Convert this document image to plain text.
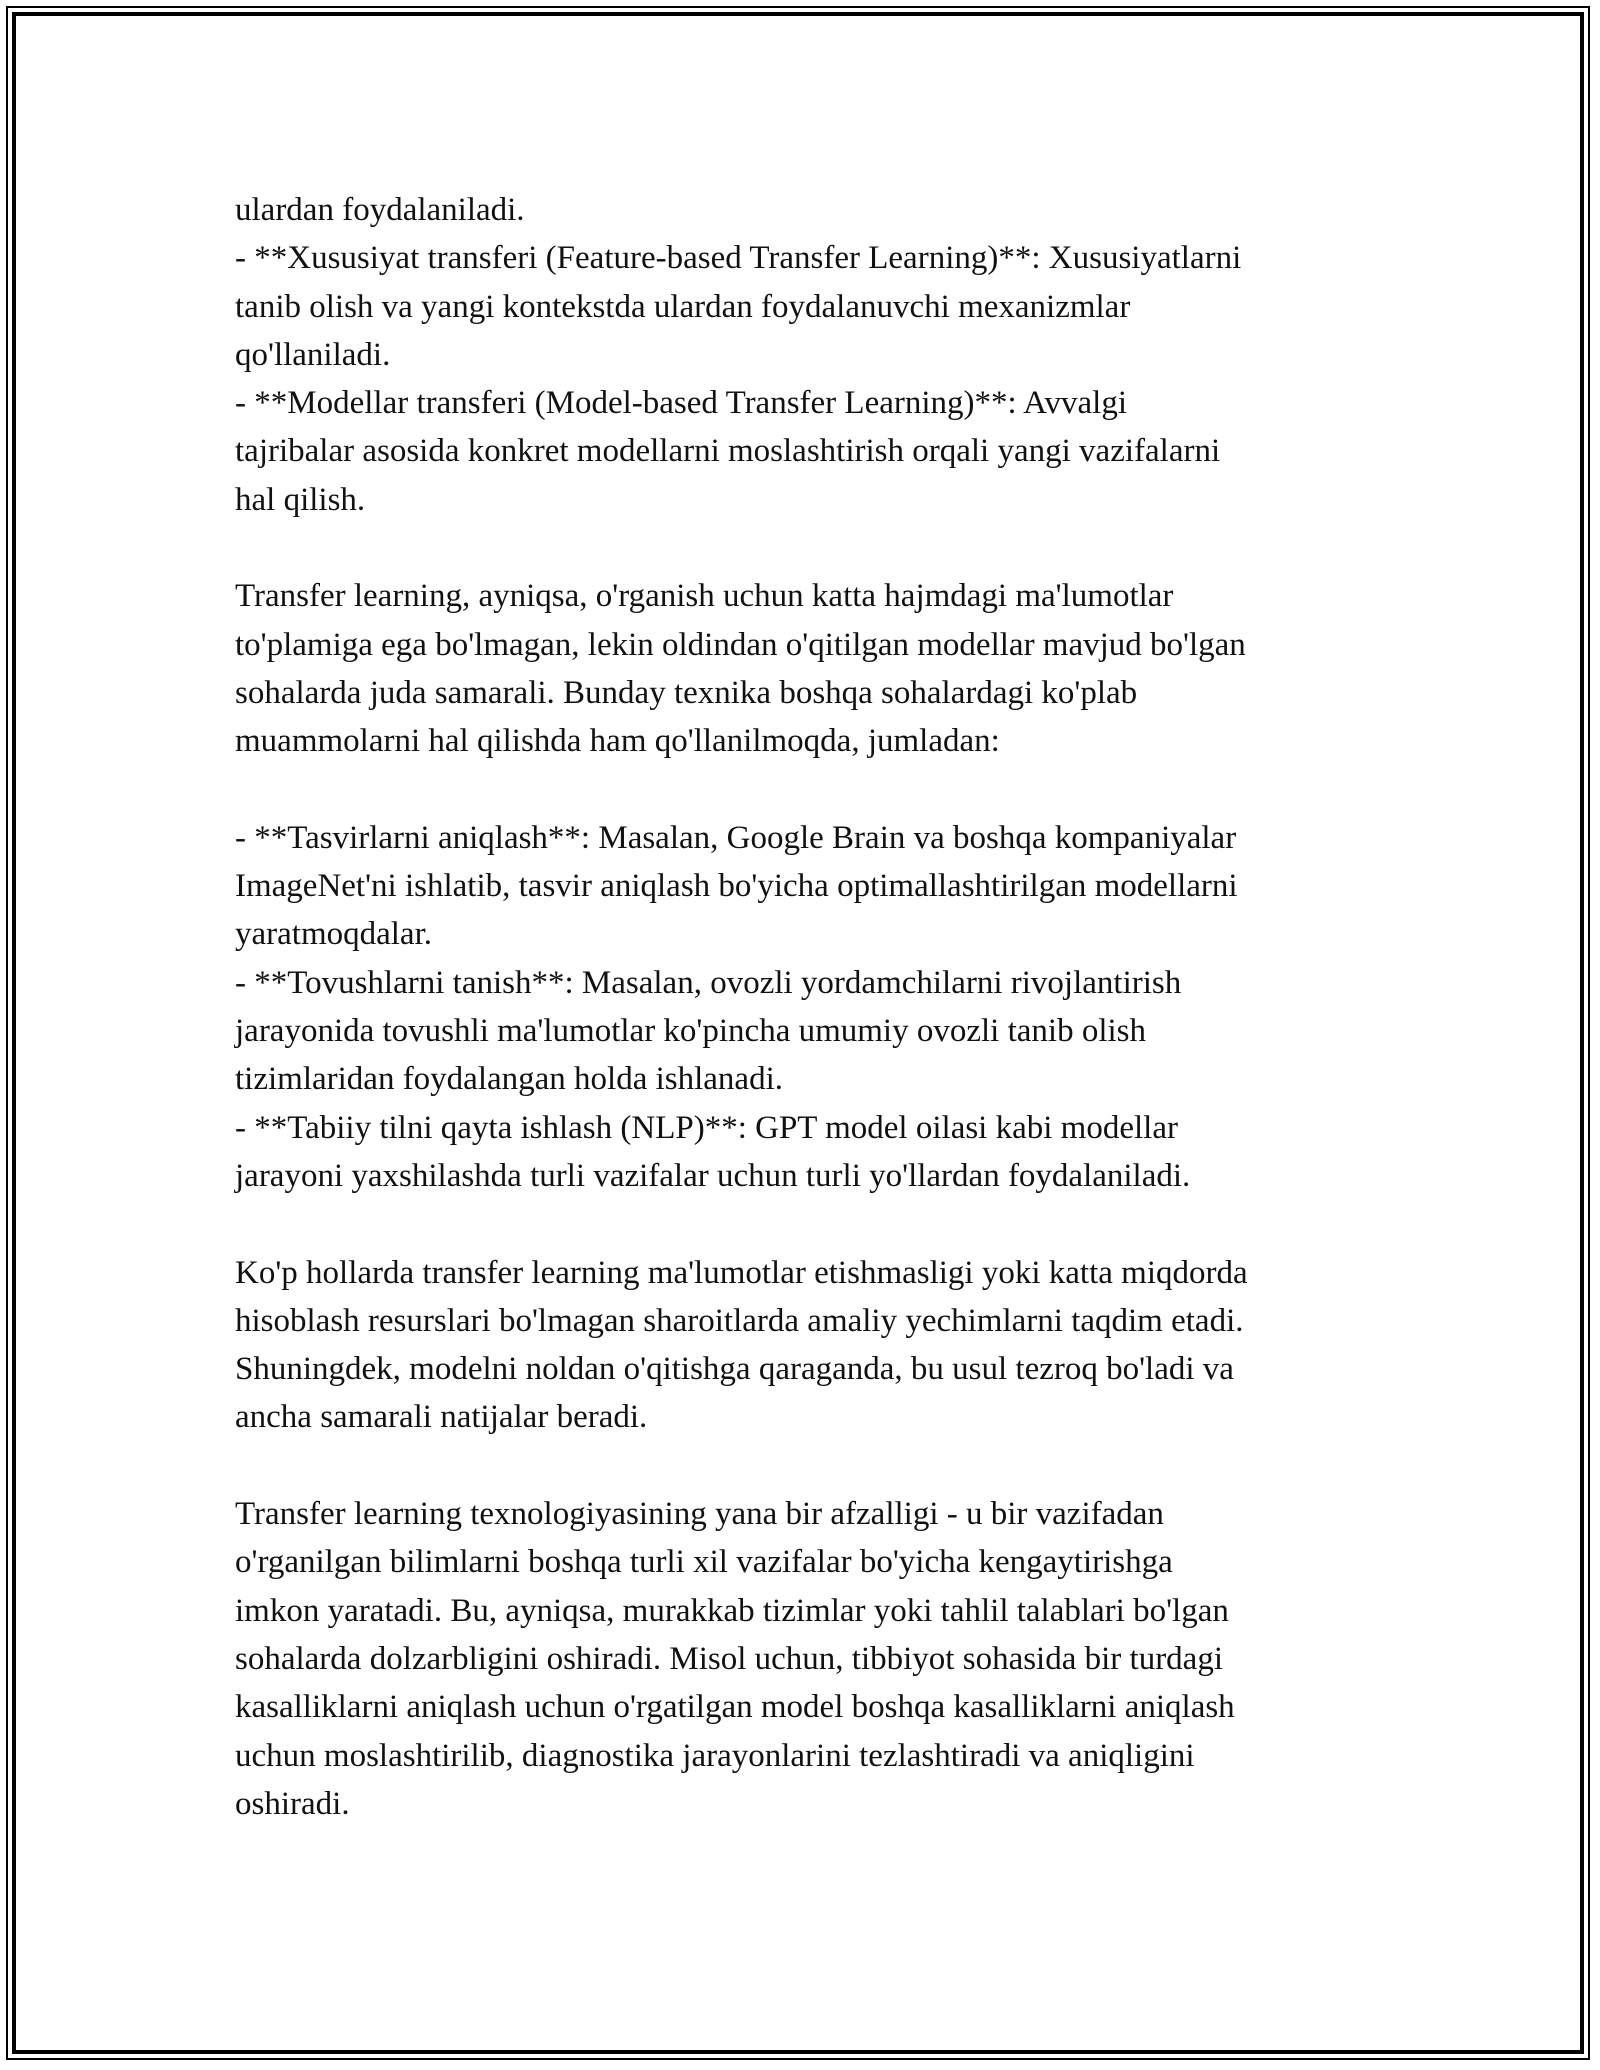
ulardan foydalaniladi.
- **Xususiyat transferi (Feature-based Transfer Learning)**: Xususiyatlarni
tanib olish va yangi kontekstda ulardan foydalanuvchi mexanizmlar
qo'llaniladi.
- **Modellar transferi (Model-based Transfer Learning)**: Avvalgi
tajribalar asosida konkret modellarni moslashtirish orqali yangi vazifalarni
hal qilish.
Transfer learning, ayniqsa, o'rganish uchun katta hajmdagi ma'lumotlar
to'plamiga ega bo'lmagan, lekin oldindan o'qitilgan modellar mavjud bo'lgan
sohalarda juda samarali. Bunday texnika boshqa sohalardagi ko'plab
muammolarni hal qilishda ham qo'llanilmoqda, jumladan:
- **Tasvirlarni aniqlash**: Masalan, Google Brain va boshqa kompaniyalar
ImageNet'ni ishlatib, tasvir aniqlash bo'yicha optimallashtirilgan modellarni
yaratmoqdalar.
- **Tovushlarni tanish**: Masalan, ovozli yordamchilarni rivojlantirish
jarayonida tovushli ma'lumotlar ko'pincha umumiy ovozli tanib olish
tizimlaridan foydalangan holda ishlanadi.
- **Tabiiy tilni qayta ishlash (NLP)**: GPT model oilasi kabi modellar
jarayoni yaxshilashda turli vazifalar uchun turli yo'llardan foydalaniladi.
Ko'p hollarda transfer learning ma'lumotlar etishmasligi yoki katta miqdorda
hisoblash resurslari bo'lmagan sharoitlarda amaliy yechimlarni taqdim etadi.
Shuningdek, modelni noldan o'qitishga qaraganda, bu usul tezroq bo'ladi va
ancha samarali natijalar beradi.
Transfer learning texnologiyasining yana bir afzalligi - u bir vazifadan
o'rganilgan bilimlarni boshqa turli xil vazifalar bo'yicha kengaytirishga
imkon yaratadi. Bu, ayniqsa, murakkab tizimlar yoki tahlil talablari bo'lgan
sohalarda dolzarbligini oshiradi. Misol uchun, tibbiyot sohasida bir turdagi
kasalliklarni aniqlash uchun o'rgatilgan model boshqa kasalliklarni aniqlash
uchun moslashtirilib, diagnostika jarayonlarini tezlashtiradi va aniqligini
oshiradi.
